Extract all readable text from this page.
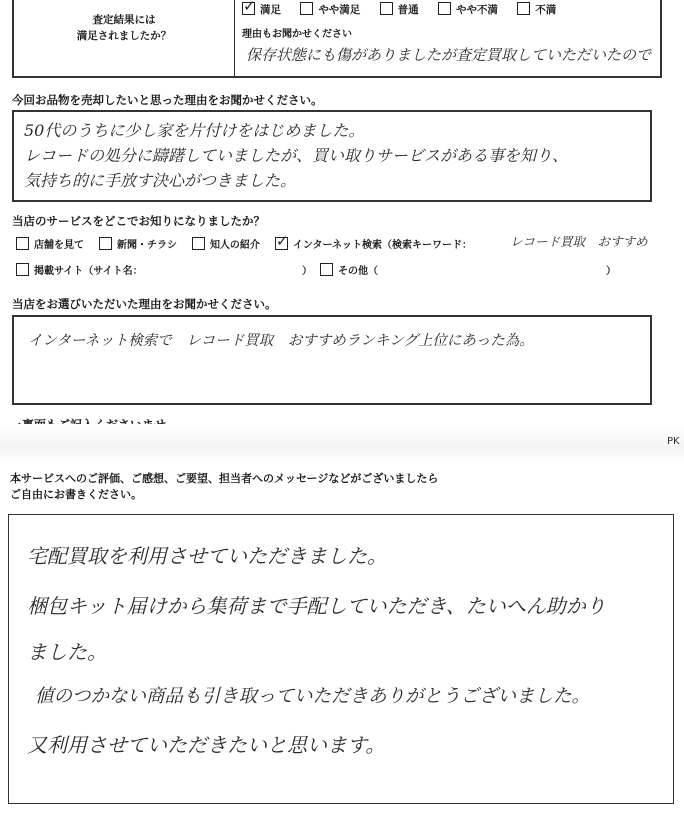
査定結果には
満足されましたか？
✓満足	やや満足	普通	やや不満	不満
理由もお聞かせください
保存状態にも傷がありましたが査定買取していただいたので
今回お品物を売却したいと思った理由をお聞かせください。
50代のうちに少し家を片付けをはじめました。
レコードの処分に躊躇していましたが、買い取りサービスがある事を知り、
気持ち的に手放す決心がつきました。
当店のサービスをどこでお知りになりましたか？
店舗を見て	新聞・チラシ	知人の紹介  ✓	インターネット検索（検索キーワード：	レコード買取　おすすめ
掲載サイト（サイト名：	）	その他（	）
当店をお選びいただいた理由をお聞かせください。
インターネット検索で　レコード買取　おすすめランキング上位にあった為。
PK
本サービスへのご評価、ご感想、ご要望、担当者へのメッセージなどがございましたら
ご自由にお書きください。
宅配買取を利用させていただきました。
梱包キット届けから集荷まで手配していただき、たいへん助かり
ました。
値のつかない商品も引き取っていただきありがとうございました。
又利用させていただきたいと思います。
